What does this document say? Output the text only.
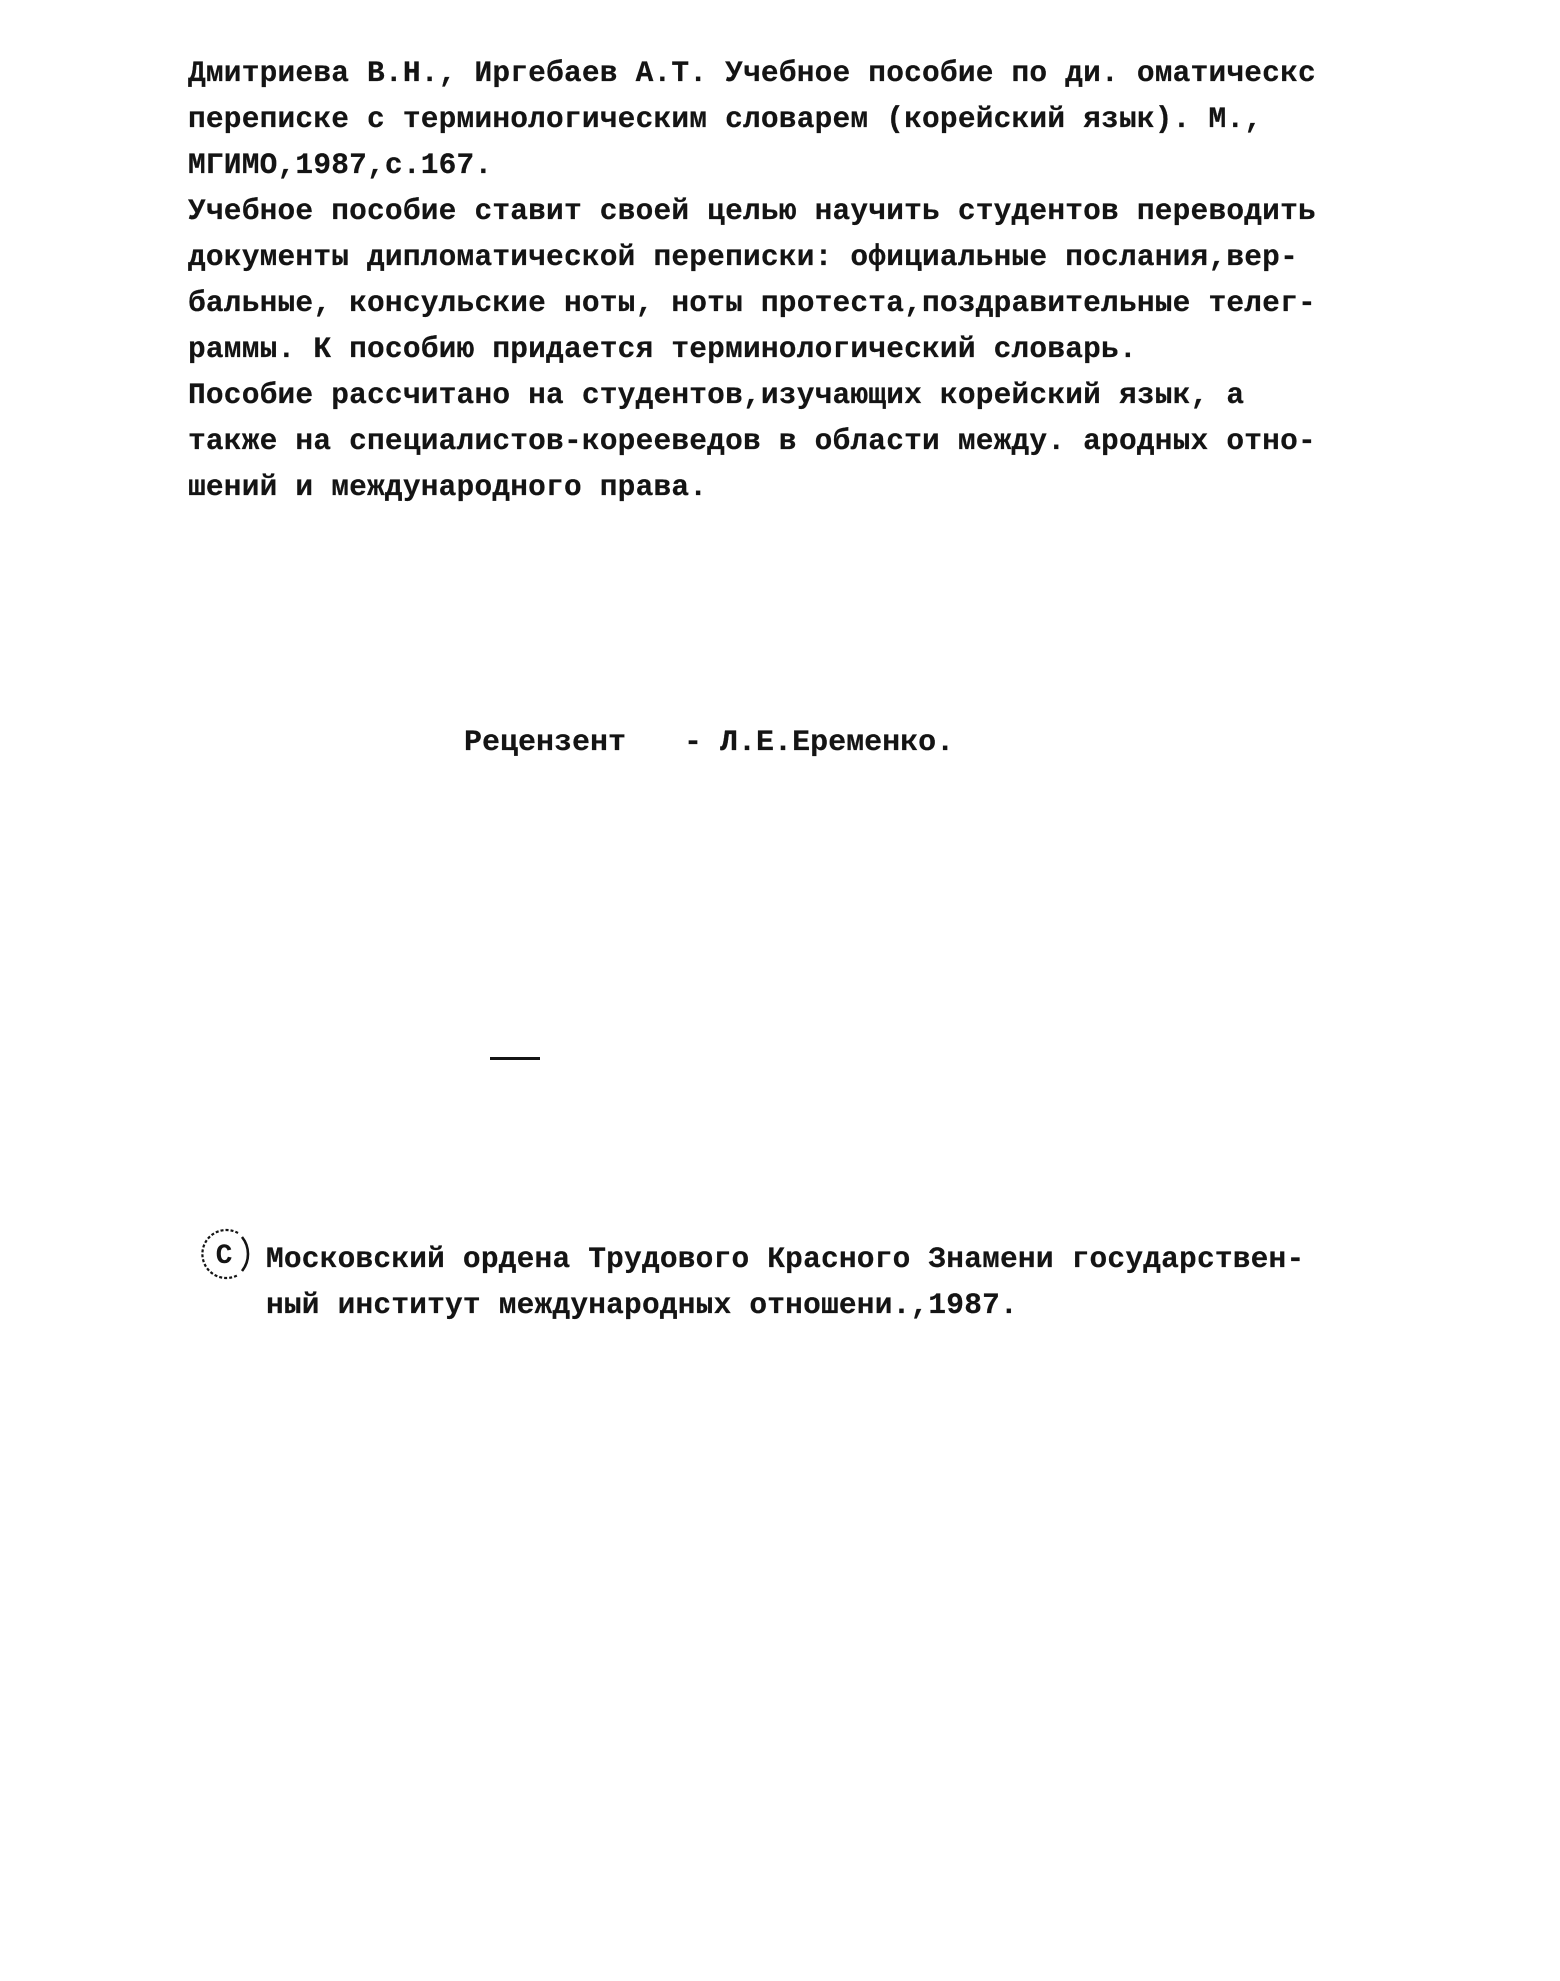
Дмитриева В.Н., Иргебаев А.Т. Учебное пособие по ди. оматическс
переписке с терминологическим словарем (корейский язык). М.,
МГИМО,1987,с.167.
Учебное пособие ставит своей целью научить студентов переводить
документы дипломатической переписки: официальные послания,вер-
бальные, консульские ноты, ноты протеста,поздравительные телег-
раммы. К пособию придается терминологический словарь.
Пособие рассчитано на студентов,изучающих корейский язык, а
также на специалистов-корееведов в области между. ародных отно-
шений и международного права.

Рецензент - Л.Е.Еременко.

С Московский ордена Трудового Красного Знамени государствен-
ный институт международных отношени.,1987.
